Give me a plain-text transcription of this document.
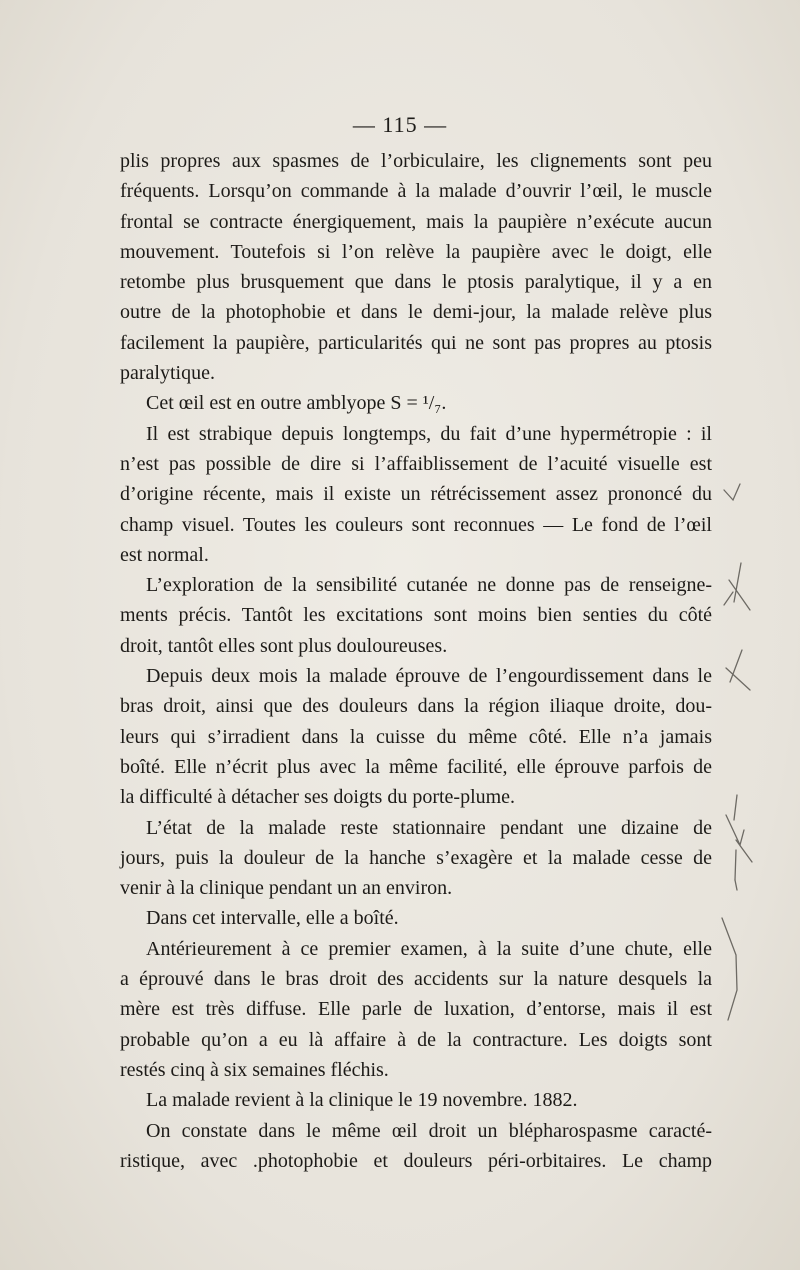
— 115 —
plis propres aux spasmes de l’orbiculaire, les clignements sont peu
fréquents. Lorsqu’on commande à la malade d’ouvrir l’œil, le muscle
frontal se contracte énergiquement, mais la paupière n’exécute aucun
mouvement. Toutefois si l’on relève la paupière avec le doigt, elle
retombe plus brusquement que dans le ptosis paralytique, il y a en
outre de la photophobie et dans le demi-jour, la malade relève plus
facilement la paupière, particularités qui ne sont pas propres au ptosis
paralytique.
Cet œil est en outre amblyope S = ¹/₇.
Il est strabique depuis longtemps, du fait d’une hypermétropie : il
n’est pas possible de dire si l’affaiblissement de l’acuité visuelle est
d’origine récente, mais il existe un rétrécissement assez prononcé du
champ visuel. Toutes les couleurs sont reconnues — Le fond de l’œil
est normal.
L’exploration de la sensibilité cutanée ne donne pas de renseigne-
ments précis. Tantôt les excitations sont moins bien senties du côté
droit, tantôt elles sont plus douloureuses.
Depuis deux mois la malade éprouve de l’engourdissement dans le
bras droit, ainsi que des douleurs dans la région iliaque droite, dou-
leurs qui s’irradient dans la cuisse du même côté. Elle n’a jamais
boîté. Elle n’écrit plus avec la même facilité, elle éprouve parfois de
la difficulté à détacher ses doigts du porte-plume.
L’état de la malade reste stationnaire pendant une dizaine de
jours, puis la douleur de la hanche s’exagère et la malade cesse de
venir à la clinique pendant un an environ.
Dans cet intervalle, elle a boîté.
Antérieurement à ce premier examen, à la suite d’une chute, elle
a éprouvé dans le bras droit des accidents sur la nature desquels la
mère est très diffuse. Elle parle de luxation, d’entorse, mais il est
probable qu’on a eu là affaire à de la contracture. Les doigts sont
restés cinq à six semaines fléchis.
La malade revient à la clinique le 19 novembre. 1882.
On constate dans le même œil droit un blépharospasme caracté-
ristique, avec .photophobie et douleurs péri-orbitaires. Le champ
